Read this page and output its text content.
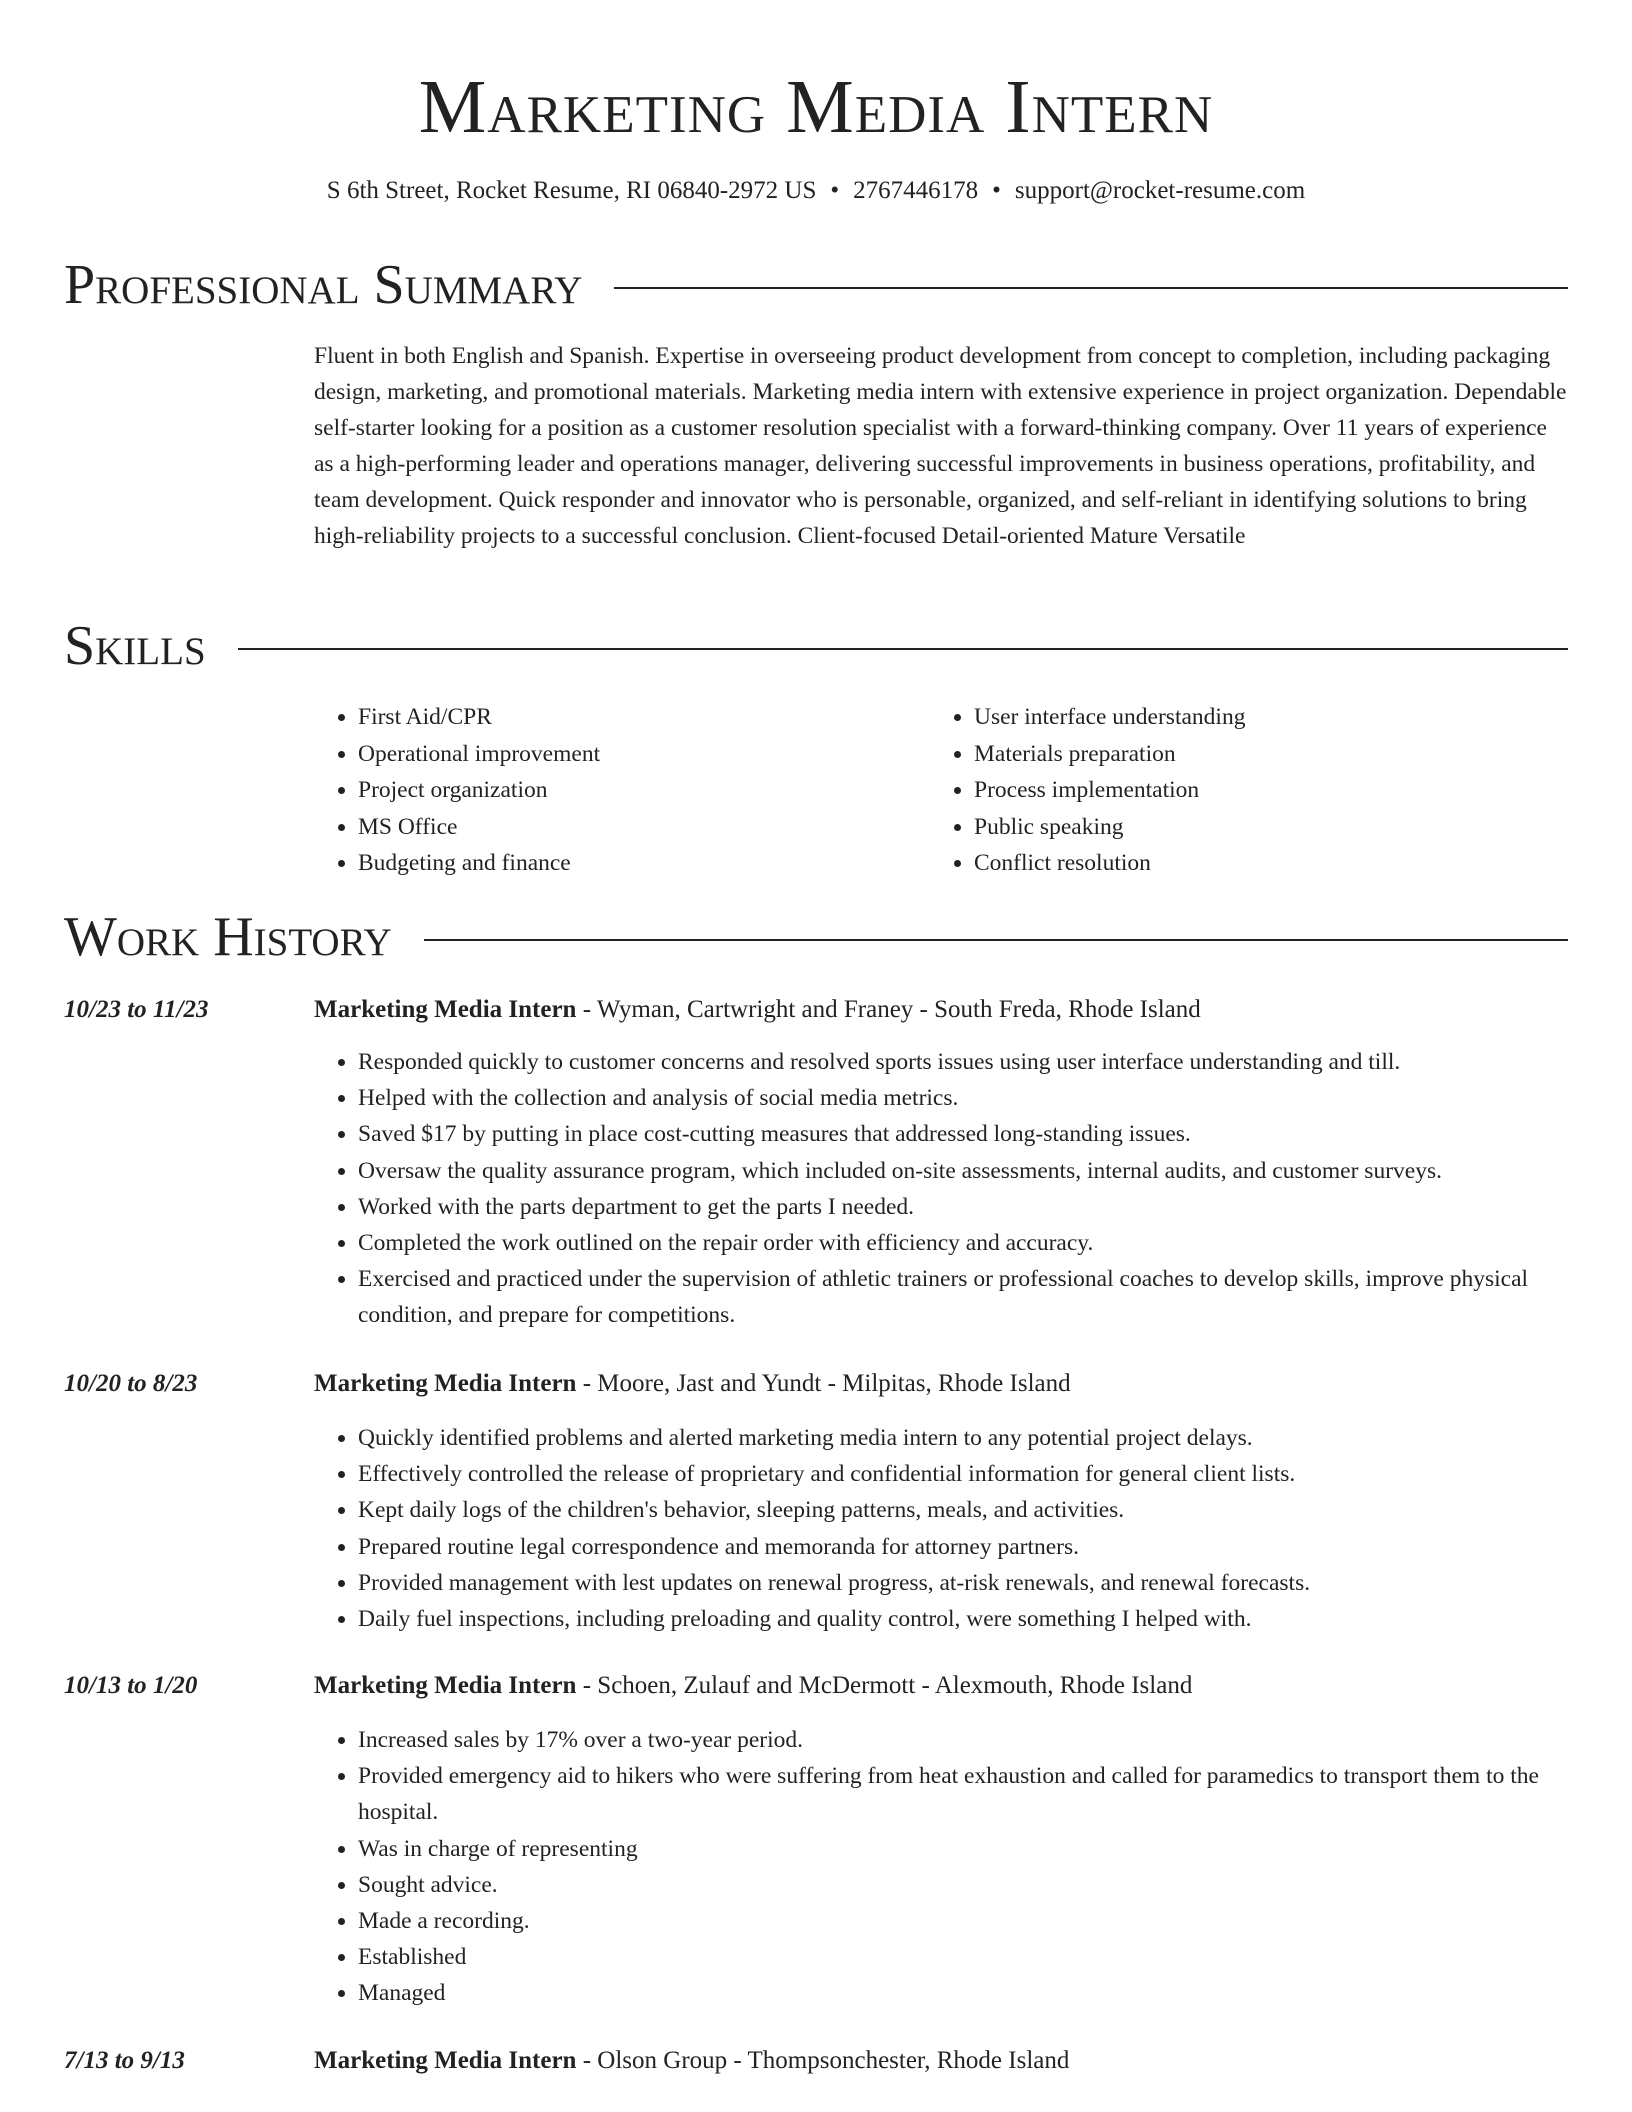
Marketing Media Intern
S 6th Street, Rocket Resume, RI 06840-2972 US • 2767446178 • support@rocket-resume.com
Professional Summary

Fluent in both English and Spanish. Expertise in overseeing product development from concept to completion, including packaging design, marketing, and promotional materials. Marketing media intern with extensive experience in project organization. Dependable self-starter looking for a position as a customer resolution specialist with a forward-thinking company. Over 11 years of experience as a high-performing leader and operations manager, delivering successful improvements in business operations, profitability, and team development. Quick responder and innovator who is personable, organized, and self-reliant in identifying solutions to bring high-reliability projects to a successful conclusion. Client-focused Detail-oriented Mature Versatile

Skills
• First Aid/CPR
• Operational improvement
• Project organization
• MS Office
• Budgeting and finance
• User interface understanding
• Materials preparation
• Process implementation
• Public speaking
• Conflict resolution
Work History
10/23 to 11/23	Marketing Media Intern - Wyman, Cartwright and Franey - South Freda, Rhode Island
• Responded quickly to customer concerns and resolved sports issues using user interface understanding and till.
• Helped with the collection and analysis of social media metrics.
• Saved $17 by putting in place cost-cutting measures that addressed long-standing issues.
• Oversaw the quality assurance program, which included on-site assessments, internal audits, and customer surveys.
• Worked with the parts department to get the parts I needed.
• Completed the work outlined on the repair order with efficiency and accuracy.
• Exercised and practiced under the supervision of athletic trainers or professional coaches to develop skills, improve physical condition, and prepare for competitions.
10/20 to 8/23	Marketing Media Intern - Moore, Jast and Yundt - Milpitas, Rhode Island
• Quickly identified problems and alerted marketing media intern to any potential project delays.
• Effectively controlled the release of proprietary and confidential information for general client lists.
• Kept daily logs of the children's behavior, sleeping patterns, meals, and activities.
• Prepared routine legal correspondence and memoranda for attorney partners.
• Provided management with lest updates on renewal progress, at-risk renewals, and renewal forecasts.
• Daily fuel inspections, including preloading and quality control, were something I helped with.
10/13 to 1/20	Marketing Media Intern - Schoen, Zulauf and McDermott - Alexmouth, Rhode Island
• Increased sales by 17% over a two-year period.
• Provided emergency aid to hikers who were suffering from heat exhaustion and called for paramedics to transport them to the hospital.
• Was in charge of representing
• Sought advice.
• Made a recording.
• Established
• Managed
7/13 to 9/13	Marketing Media Intern - Olson Group - Thompsonchester, Rhode Island
